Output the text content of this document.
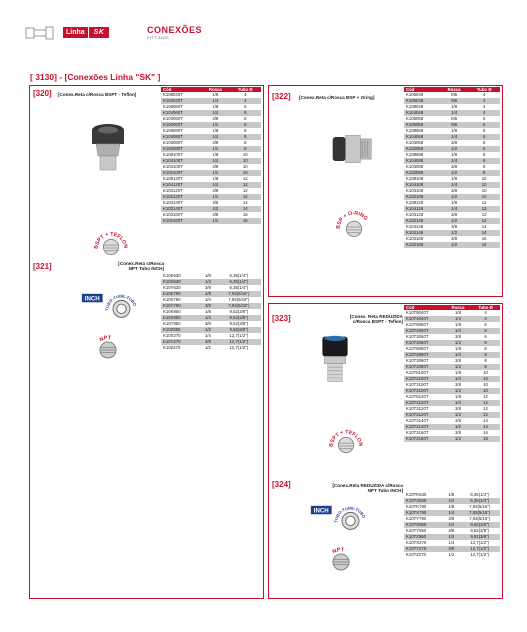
Linha	SK	CONEXÕES
FITTINGS
[ 3130] - [Conexões Linha "SK" ]
[320] [Conex.Reta c/Rosca BSPT - Teflon]
Cód	Rosca	Tubo Ø
K108040T	1/8	4
K104040T	1/4	4
K108060T	1/8	6
K104060T	1/4	6
K103060T	3/8	6
K102060T	1/2	6
K108080T	1/8	8
K104080T	1/4	8
K103080T	3/8	8
K102080T	1/2	8
K108100T	1/8	10
K104100T	1/4	10
K103100T	3/8	10
K102100T	1/2	10
K108120T	1/8	12
K104120T	1/4	12
K103120T	3/8	12
K102120T	1/2	12
K103140T	3/8	14
K102140T	1/2	14
K103160T	3/8	16
K102160T	1/2	16
BSPT + TEFLON
[321]	[Conex.Reta c/Rosca NPT Tubo INCH]
K10K630	1/8	6,35(1/4")
K10X630	1/4	6,35(1/4")
K10Y630	3/8	6,35(1/4")
K10K790	1/8	7,93(5/16")
K10X790	1/4	7,93(5/16")
K10Y790	3/8	7,93(5/16")
K10K950	1/8	9,52(3/8")
K10X950	1/4	9,52(3/8")
K10Y950	3/8	9,52(3/8")
K10Z950	1/2	9,52(3/8")
K10X270	1/4	12,7(1/2")
K10Y270	3/8	12,7(1/2")
K10Z270	1/2	12,7(1/2")
INCH
TUBO-TUBE-TUBO
NPT
[322] [Conex.Reta c/Rosca BSP + Oring]
Cód	Rosca	Tubo Ø
K105048	M5	4
K106048	M6	4
K108048	1/8	4
K104048	1/4	4
K105068	M5	6
K106068	M6	6
K108068	1/8	6
K104068	1/4	6
K103068	3/8	6
K102068	1/2	6
K108088	1/8	8
K104088	1/4	8
K103088	3/8	8
K102088	1/2	8
K108108	1/8	10
K104108	1/4	10
K103108	3/8	10
K102108	1/2	10
K108128	1/8	12
K104128	1/4	12
K103128	3/8	12
K102128	1/2	12
K103148	3/8	14
K102148	1/2	14
K103168	3/8	16
K102168	1/2	16
BSP + O-RING
[323]	[Conex. Reta REDUZIDA c/Rosca BSPT - Teflon]
Cód	Rosca	Tubo Ø
K10T8040T	1/8	4
K10T4040T	1/4	4
K10T8060T	1/8	6
K10T4060T	1/4	6
K10T3060T	3/8	6
K10T2060T	1/2	6
K10T8080T	1/8	8
K10T4080T	1/4	8
K10T3080T	3/8	8
K10T2080T	1/2	8
K10T8100T	1/8	10
K10T4100T	1/4	10
K10T3100T	3/8	10
K10T2100T	1/2	10
K10T8120T	1/8	12
K10T4120T	1/4	12
K10T3120T	3/8	12
K10T2120T	1/2	12
K10T3140T	3/8	14
K10T2140T	1/2	14
K10T3160T	3/8	16
K10T2160T	1/2	16
BSPT + TEFLON
[324]	[Conex.Reta REDUZIDA c/Rosca NPT Tubo INCH]
K10TK630	1/8	6,35(1/4")
K10TX630	1/4	6,35(1/4")
K10TK790	1/8	7,93(5/16")
K10TX790	1/4	7,93(5/16")
K10TY790	3/8	7,93(5/16")
K10TX950	1/4	9,52(3/8")
K10TY950	3/8	9,52(3/8")
K10TZ950	1/2	9,52(3/8")
K10TX270	1/4	12,7(1/2")
K10TY270	3/8	12,7(1/2")
K10TZ270	1/2	12,7(1/2")
INCH
TUBO-TUBE-TUBO
NPT
